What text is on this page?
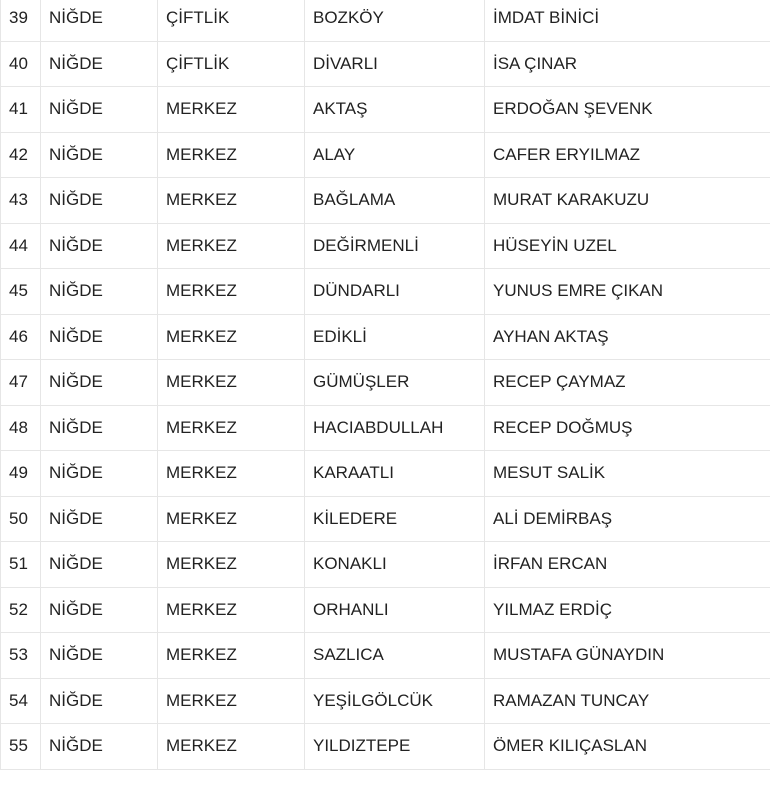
39	NİĞDE	ÇİFTLİK	BOZKÖY	İMDAT BİNİCİ
40	NİĞDE	ÇİFTLİK	DİVARLI	İSA ÇINAR
41	NİĞDE	MERKEZ	AKTAŞ	ERDOĞAN ŞEVENK
42	NİĞDE	MERKEZ	ALAY	CAFER ERYILMAZ
43	NİĞDE	MERKEZ	BAĞLAMA	MURAT KARAKUZU
44	NİĞDE	MERKEZ	DEĞİRMENLİ	HÜSEYİN UZEL
45	NİĞDE	MERKEZ	DÜNDARLI	YUNUS EMRE ÇIKAN
46	NİĞDE	MERKEZ	EDİKLİ	AYHAN AKTAŞ
47	NİĞDE	MERKEZ	GÜMÜŞLER	RECEP ÇAYMAZ
48	NİĞDE	MERKEZ	HACIABDULLAH	RECEP DOĞMUŞ
49	NİĞDE	MERKEZ	KARAATLI	MESUT SALİK
50	NİĞDE	MERKEZ	KİLEDERE	ALİ DEMİRBAŞ
51	NİĞDE	MERKEZ	KONAKLI	İRFAN ERCAN
52	NİĞDE	MERKEZ	ORHANLI	YILMAZ ERDİÇ
53	NİĞDE	MERKEZ	SAZLICA	MUSTAFA GÜNAYDIN
54	NİĞDE	MERKEZ	YEŞİLGÖLCÜK	RAMAZAN TUNCAY
55	NİĞDE	MERKEZ	YILDIZTEPE	ÖMER KILIÇASLAN
